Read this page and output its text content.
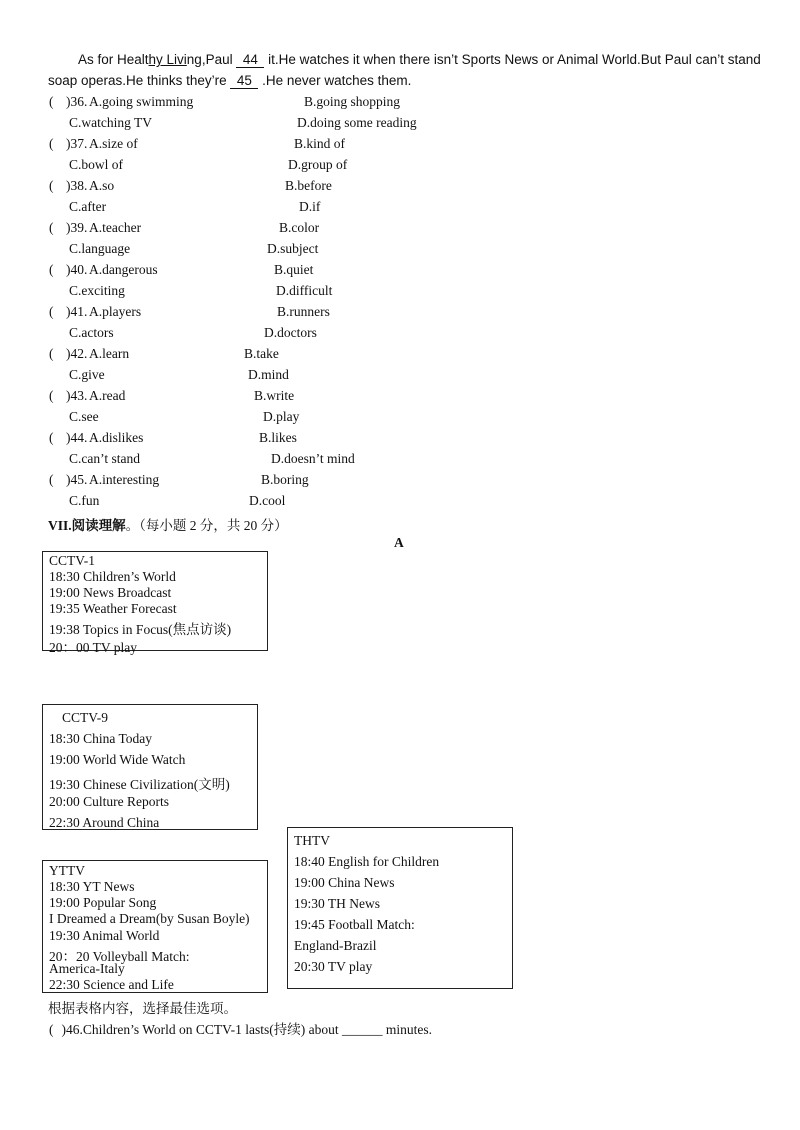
As for Healthy Living,Paul 44 it.He watches it when there isn’t Sports News or Animal World.But Paul can’t stand
soap operas.He thinks they’re 45 .He never watches them.
( )36. A.going swimming	B.going shopping
C.watching TV	D.doing some reading
( )37. A.size of	B.kind of
C.bowl of	D.group of
( )38. A.so	B.before
C.after	D.if
( )39. A.teacher	B.color
C.language	D.subject
( )40. A.dangerous	B.quiet
C.exciting	D.difficult
( )41. A.players	B.runners
C.actors	D.doctors
( )42. A.learn	B.take
C.give	D.mind
( )43. A.read	B.write
C.see	D.play
( )44. A.dislikes	B.likes
C.can’t stand	D.doesn’t mind
( )45. A.interesting	B.boring
C.fun	D.cool
VII.阅读理解。（每小题 2 分，共 20 分）
A
CCTV-1
18:30 Children’s World
19:00 News Broadcast
19:35 Weather Forecast
19:38 Topics in Focus(焦点访谈)
20：00 TV play
CCTV-9
18:30 China Today
19:00 World Wide Watch
19:30 Chinese Civilization(文明)
20:00 Culture Reports
22:30 Around China
THTV
18:40 English for Children
19:00 China News
19:30 TH News
19:45 Football Match:
England-Brazil
20:30 TV play
YTTV
18:30 YT News
19:00 Popular Song
I Dreamed a Dream(by Susan Boyle)
19:30 Animal World
20：20 Volleyball Match:
America-Italy
22:30 Science and Life
根据表格内容，选择最佳选项。
( )46.Children’s World on CCTV-1 lasts(持续) about ______ minutes.
